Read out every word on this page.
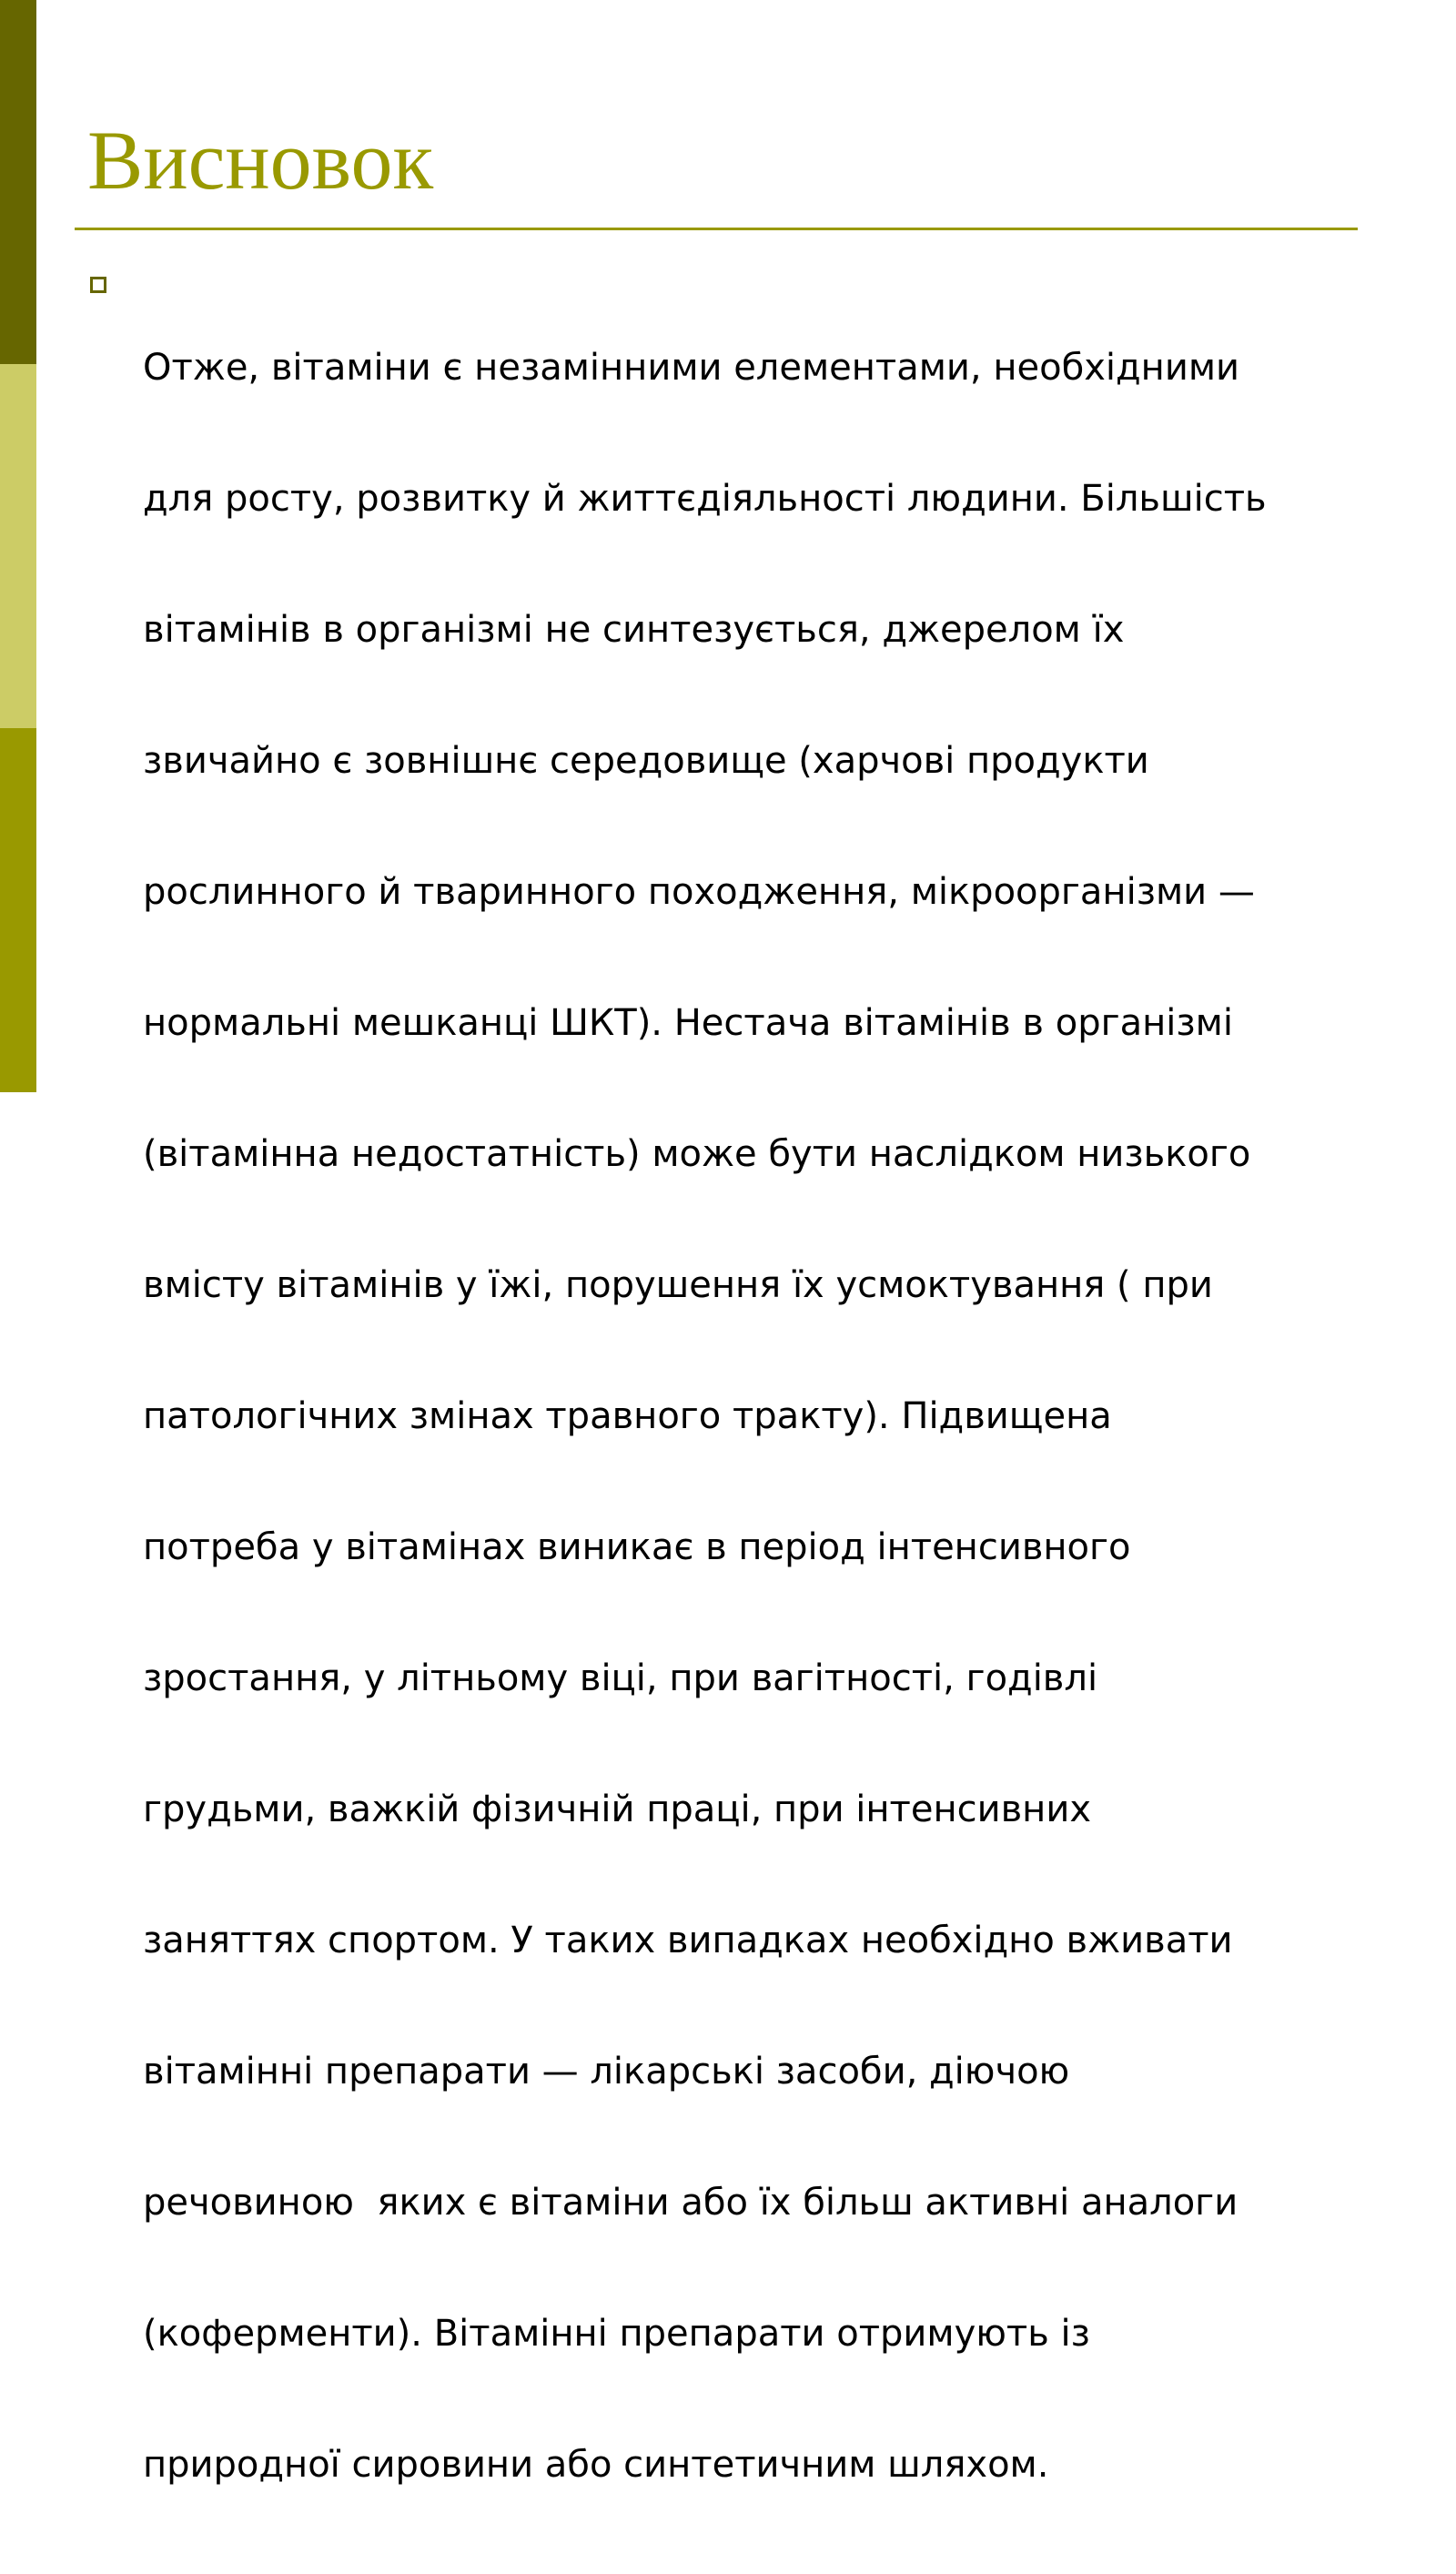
Висновок

Отже, вітаміни є незамінними елементами, необхідними

для росту, розвитку й життєдіяльності людини. Більшість

вітамінів в організмі не синтезується, джерелом їх

звичайно є зовнішнє середовище (харчові продукти

рослинного й тваринного походження, мікроорганізми —

нормальні мешканці ШКТ). Нестача вітамінів в організмі

(вітамінна недостатність) може бути наслідком низького

вмісту вітамінів у їжі, порушення їх усмоктування ( при

патологічних змінах травного тракту). Підвищена

потреба у вітамінах виникає в період інтенсивного

зростання, у літньому віці, при вагітності, годівлі

грудьми, важкій фізичній праці, при інтенсивних

заняттях спортом. У таких випадках необхідно вживати

вітамінні препарати — лікарські засоби, діючою

речовиною  яких є вітаміни або їх більш активні аналоги

(коферменти). Вітамінні препарати отримують із

природної сировини або синтетичним шляхом.
